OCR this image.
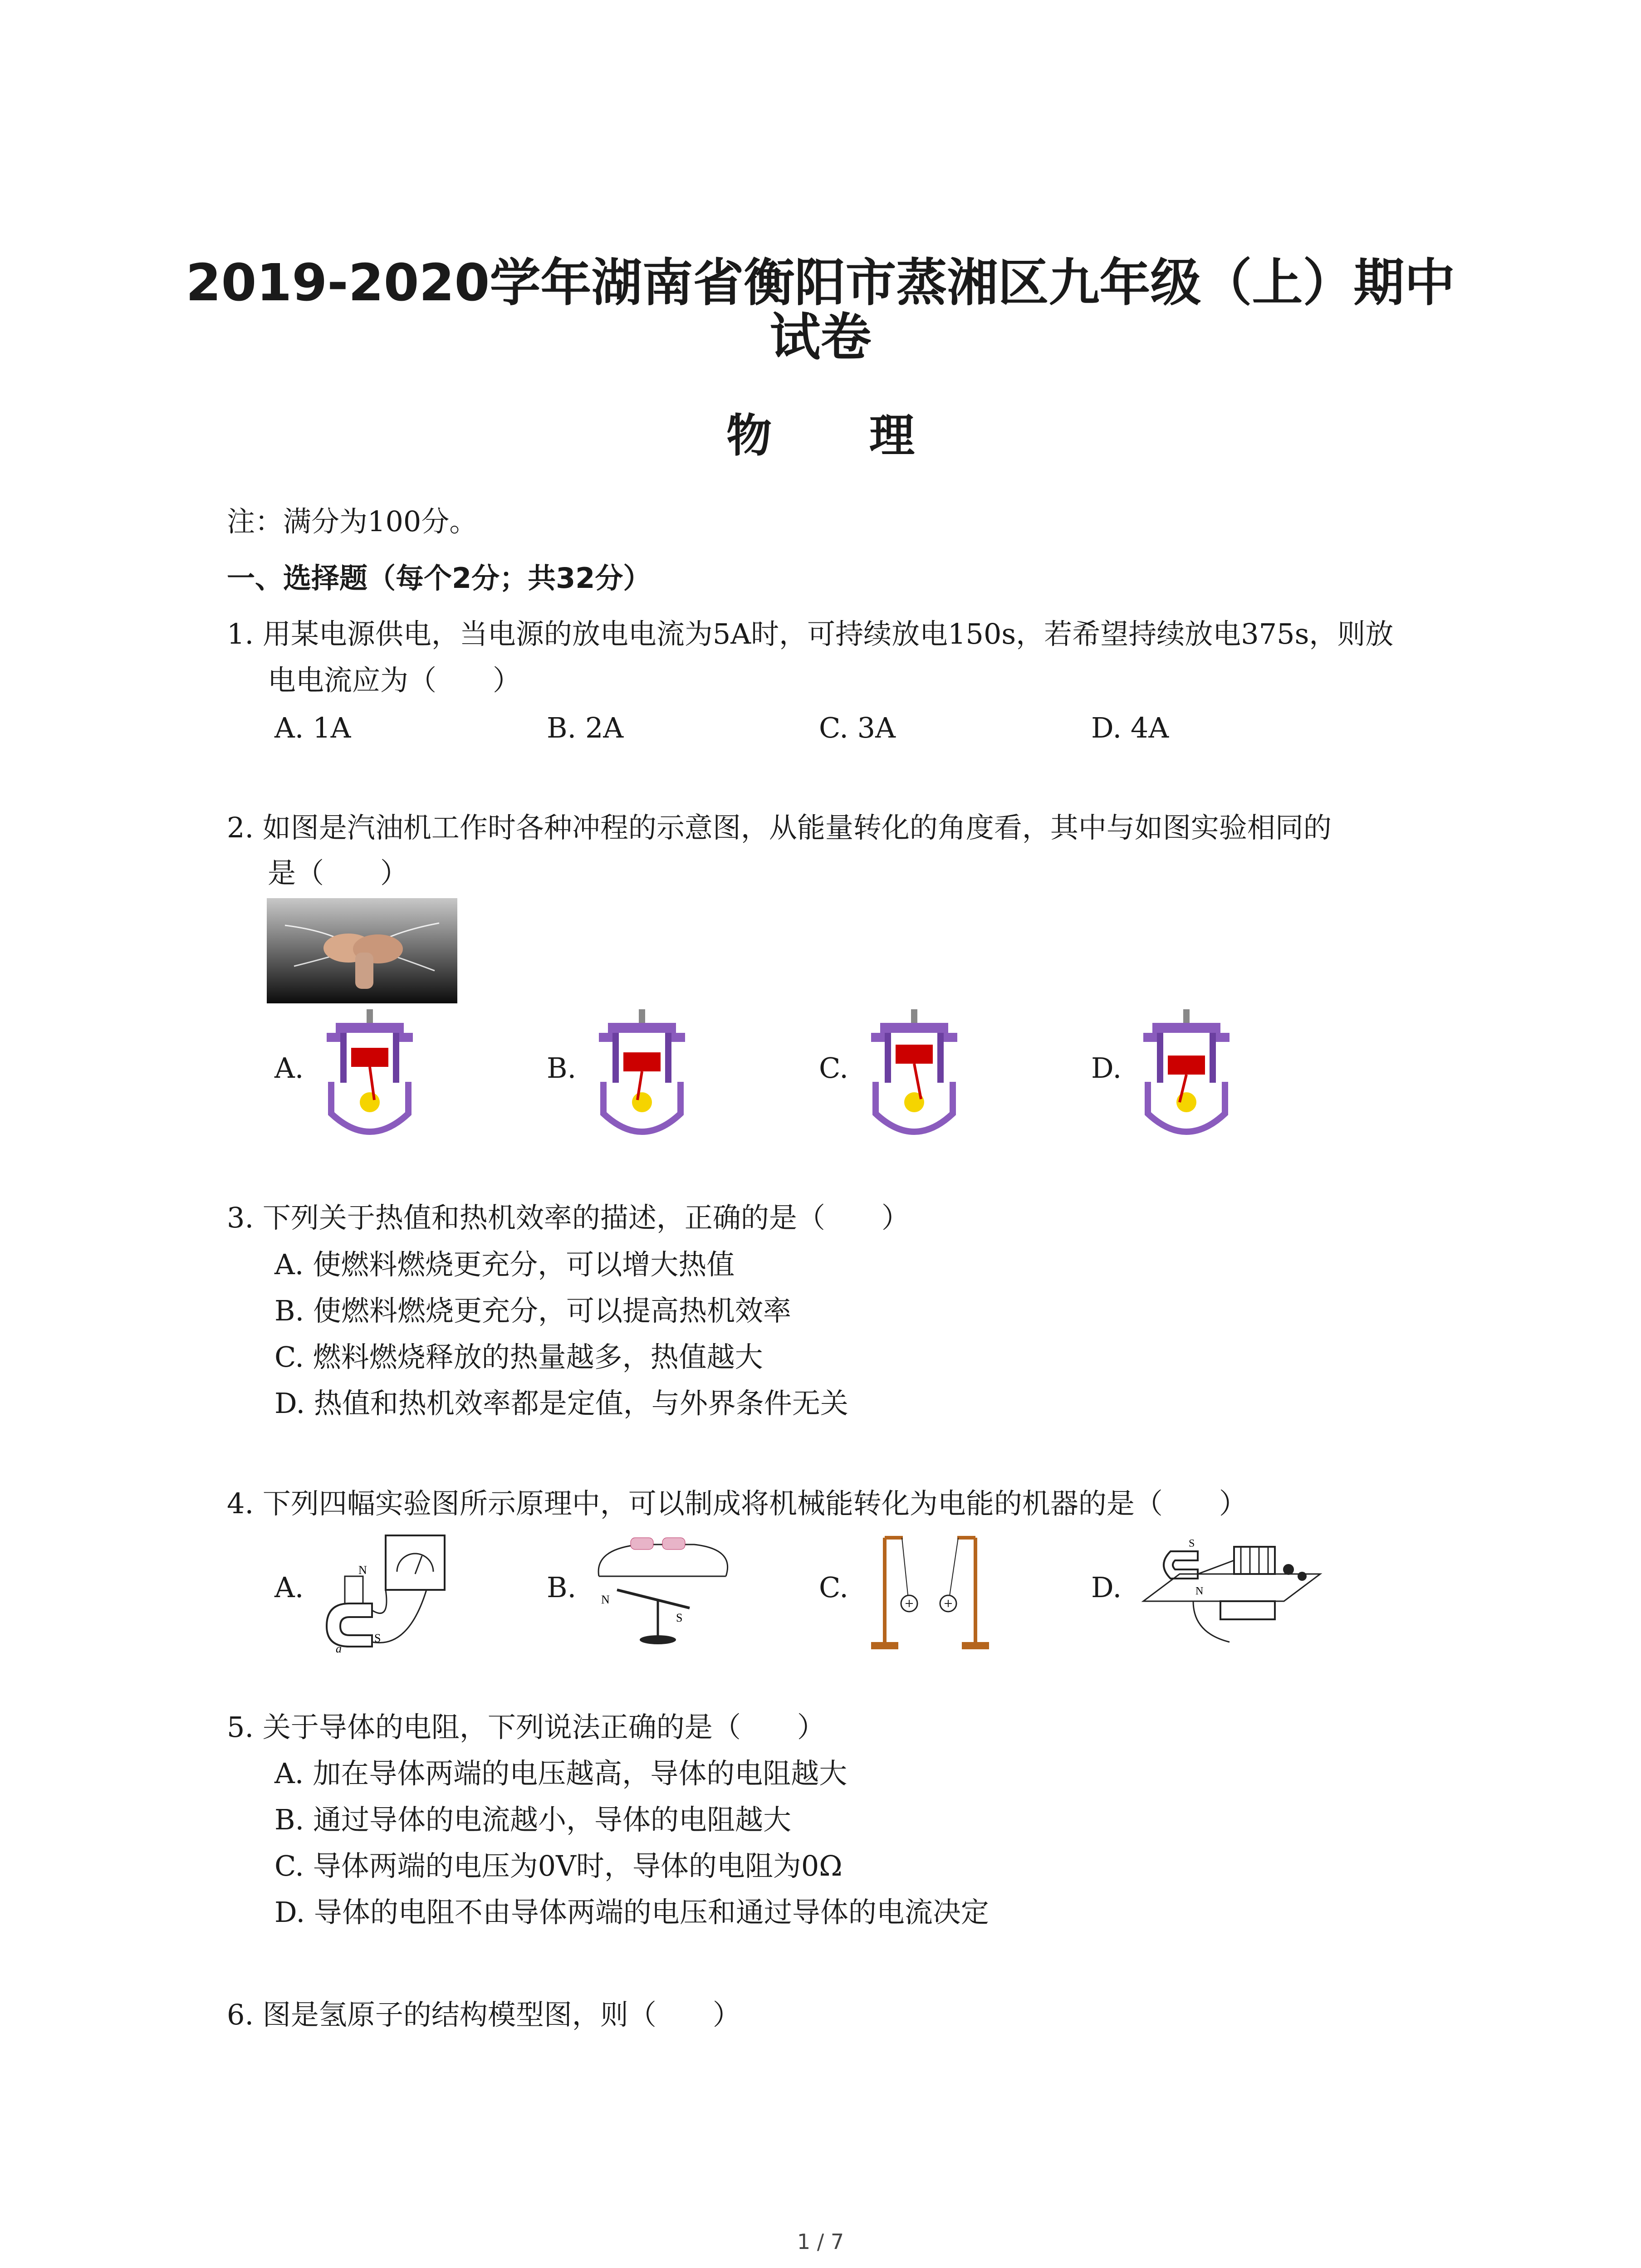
2019-2020学年湖南省衡阳市蒸湘区九年级（上）期中
试卷
物 理
注：满分为100分。
一、选择题（每个2分；共32分）
1. 用某电源供电，当电源的放电电流为5A时，可持续放电150s，若希望持续放电375s，则放
电电流应为（　　）
A. 1A	B. 2A	C. 3A	D. 4A
2. 如图是汽油机工作时各种冲程的示意图，从能量转化的角度看，其中与如图实验相同的
是（　　）
A.	B.	C.	D.
3. 下列关于热值和热机效率的描述，正确的是（　　）
A. 使燃料燃烧更充分，可以增大热值
B. 使燃料燃烧更充分，可以提高热机效率
C. 燃料燃烧释放的热量越多，热值越大
D. 热值和热机效率都是定值，与外界条件无关
4. 下列四幅实验图所示原理中，可以制成将机械能转化为电能的机器的是（　　）
A.	B.	C.	D.
N
S
a
N
S
S
N
5. 关于导体的电阻，下列说法正确的是（　　）
A. 加在导体两端的电压越高，导体的电阻越大
B. 通过导体的电流越小，导体的电阻越大
C. 导体两端的电压为0V时，导体的电阻为0Ω
D. 导体的电阻不由导体两端的电压和通过导体的电流决定
6. 图是氢原子的结构模型图，则（　　）
1 / 7
